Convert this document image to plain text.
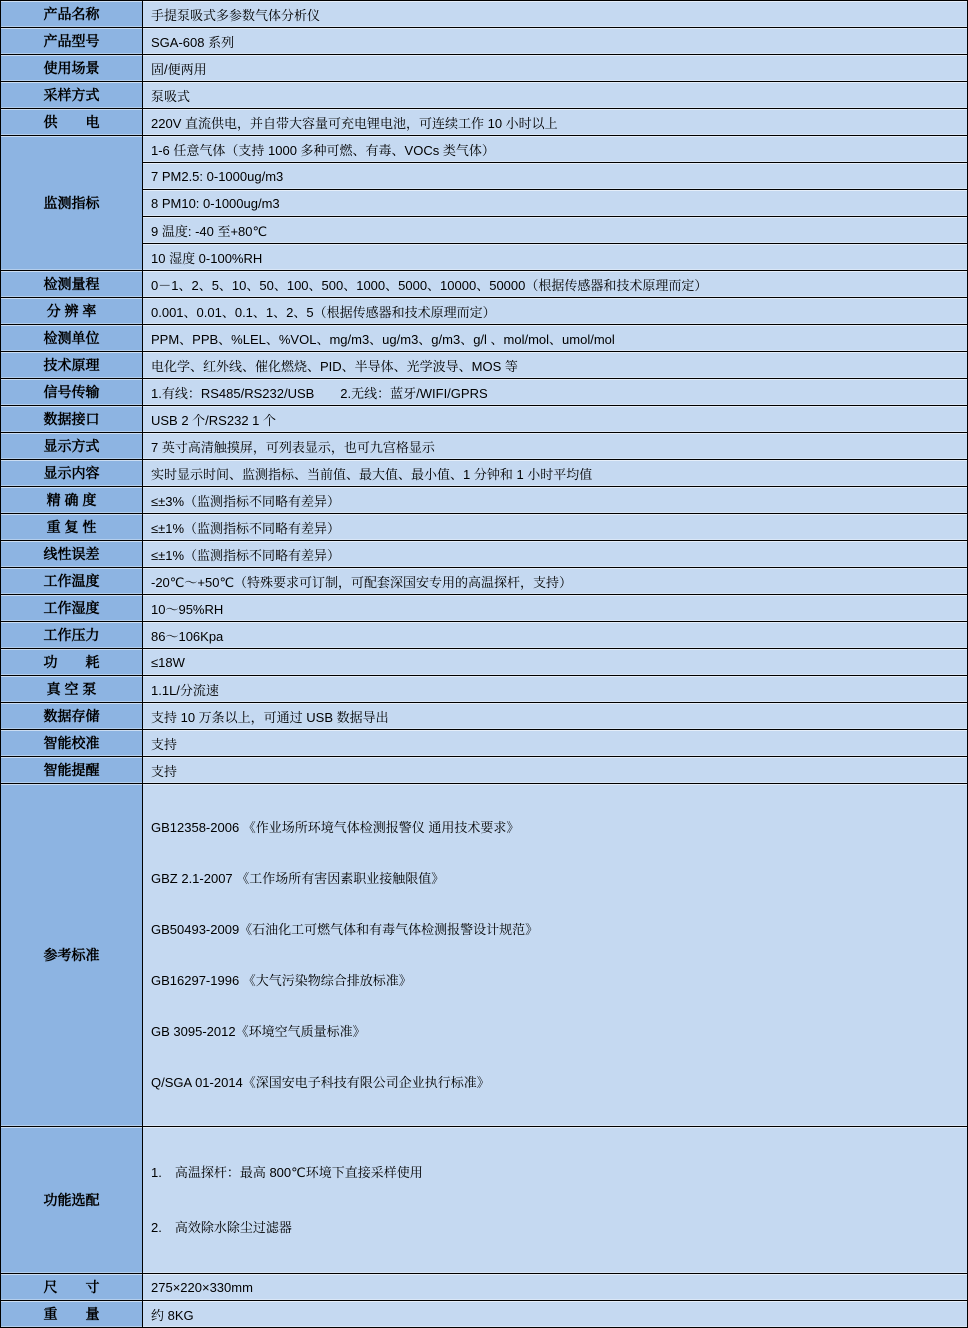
产品名称	手提泵吸式多参数气体分析仪
产品型号	SGA-608 系列
使用场景	固/便两用
采样方式	泵吸式
供　　电	220V 直流供电，并自带大容量可充电锂电池，可连续工作 10 小时以上
监测指标	1-6 任意气体（支持 1000 多种可燃、有毒、VOCs 类气体）
	7 PM2.5: 0-1000ug/m3
	8 PM10: 0-1000ug/m3
	9 温度: -40 至+80℃
	10 湿度 0-100%RH
检测量程	0－1、2、5、10、50、100、500、1000、5000、10000、50000（根据传感器和技术原理而定）
分 辨 率	0.001、0.01、0.1、1、2、5（根据传感器和技术原理而定）
检测单位	PPM、PPB、%LEL、%VOL、mg/m3、ug/m3、g/m3、g/l 、mol/mol、umol/mol
技术原理	电化学、红外线、催化燃烧、PID、半导体、光学波导、MOS 等
信号传输	1.有线：RS485/RS232/USB　　2.无线：蓝牙/WIFI/GPRS
数据接口	USB 2 个/RS232 1 个
显示方式	7 英寸高清触摸屏，可列表显示，也可九宫格显示
显示内容	实时显示时间、监测指标、当前值、最大值、最小值、1 分钟和 1 小时平均值
精 确 度	≤±3%（监测指标不同略有差异）
重 复 性	≤±1%（监测指标不同略有差异）
线性误差	≤±1%（监测指标不同略有差异）
工作温度	-20℃～+50℃（特殊要求可订制，可配套深国安专用的高温探杆，支持）
工作湿度	10～95%RH
工作压力	86～106Kpa
功　　耗	≤18W
真 空 泵	1.1L/分流速
数据存储	支持 10 万条以上，可通过 USB 数据导出
智能校准	支持
智能提醒	支持
参考标准	

GB12358-2006 《作业场所环境气体检测报警仪 通用技术要求》

GBZ 2.1-2007 《工作场所有害因素职业接触限值》

GB50493-2009《石油化工可燃气体和有毒气体检测报警设计规范》

GB16297-1996 《大气污染物综合排放标准》

GB 3095-2012《环境空气质量标准》

Q/SGA 01-2014《深国安电子科技有限公司企业执行标准》

功能选配	1.　高温探杆：最高 800℃环境下直接采样使用

2.　高效除水除尘过滤器

尺　　寸	275×220×330mm
重　　量	约 8KG
